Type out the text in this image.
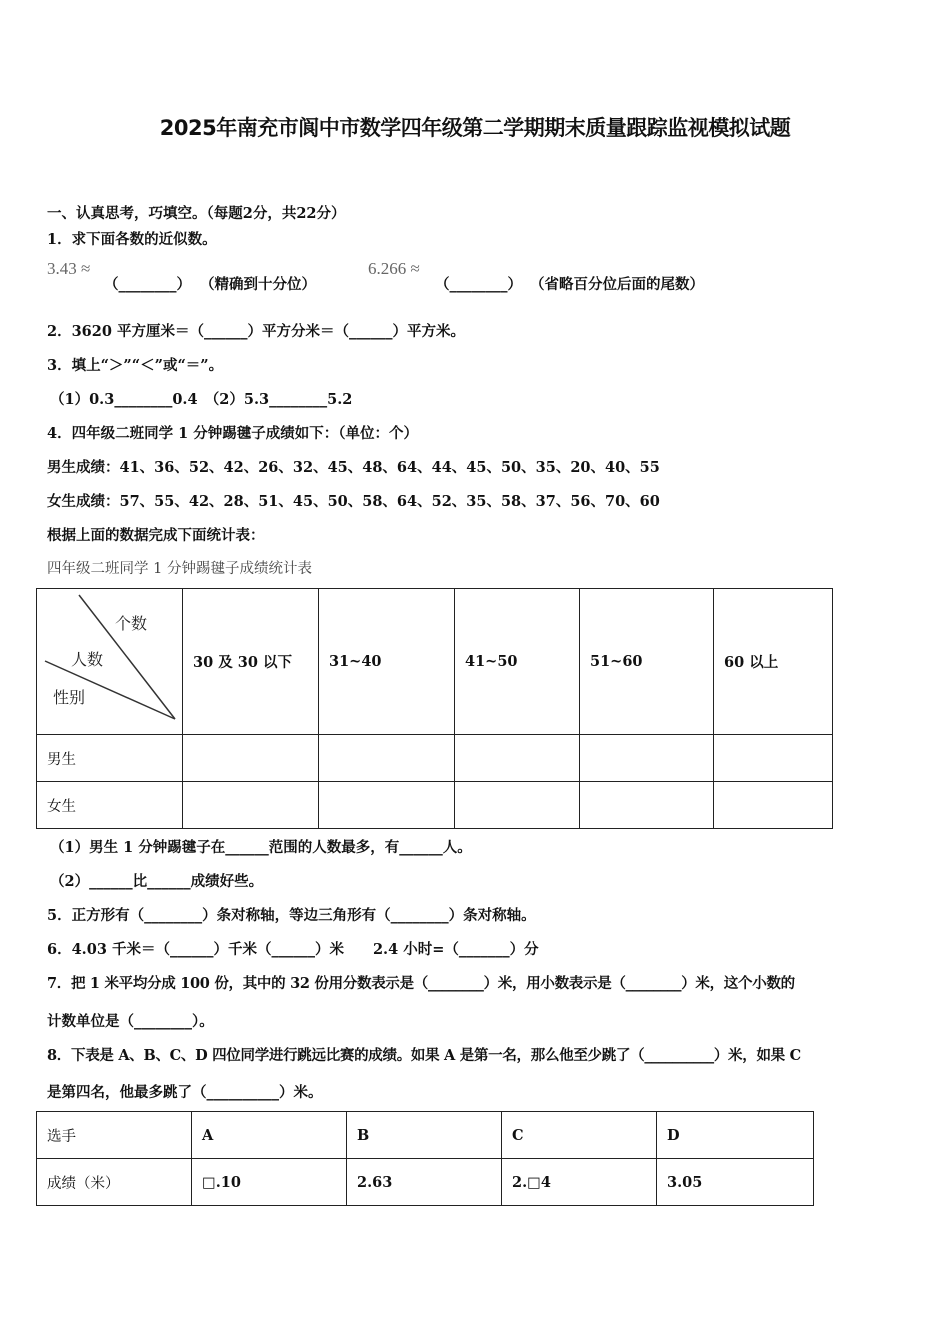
2025年南充市阆中市数学四年级第二学期期末质量跟踪监视模拟试题
一、认真思考，巧填空。（每题2分，共22分）
1．求下面各数的近似数。
3.43 ≈
（________） （精确到十分位）
6.266 ≈
（________） （省略百分位后面的尾数）
2．3620 平方厘米＝（______）平方分米＝（______）平方米。
3．填上“＞”“＜”或“＝”。
（1）0.3________0.4　（2）5.3________5.2
4．四年级二班同学 1 分钟踢毽子成绩如下：（单位：个）
男生成绩：41、36、52、42、26、32、45、48、64、44、45、50、35、20、40、55
女生成绩：57、55、42、28、51、45、50、58、64、52、35、58、37、56、70、60
根据上面的数据完成下面统计表：
四年级二班同学 1 分钟踢毽子成绩统计表
个数
人数
性别	30 及 30 以下	31~40	41~50	51~60	60 以上
男生					
女生					
（1）男生 1 分钟踢毽子在______范围的人数最多，有______人。
（2）______比______成绩好些。
5．正方形有（________）条对称轴，等边三角形有（________）条对称轴。
6．4.03 千米＝（______）千米（______）米　　2.4 小时=（_______）分
7．把 1 米平均分成 100 份，其中的 32 份用分数表示是（________）米，用小数表示是（________）米，这个小数的
计数单位是（________）。
8．下表是 A、B、C、D 四位同学进行跳远比赛的成绩。如果 A 是第一名，那么他至少跳了（__________）米，如果 C
是第四名，他最多跳了（__________）米。
选手	A	B	C	D
成绩（米）	□.10	2.63	2.□4	3.05
